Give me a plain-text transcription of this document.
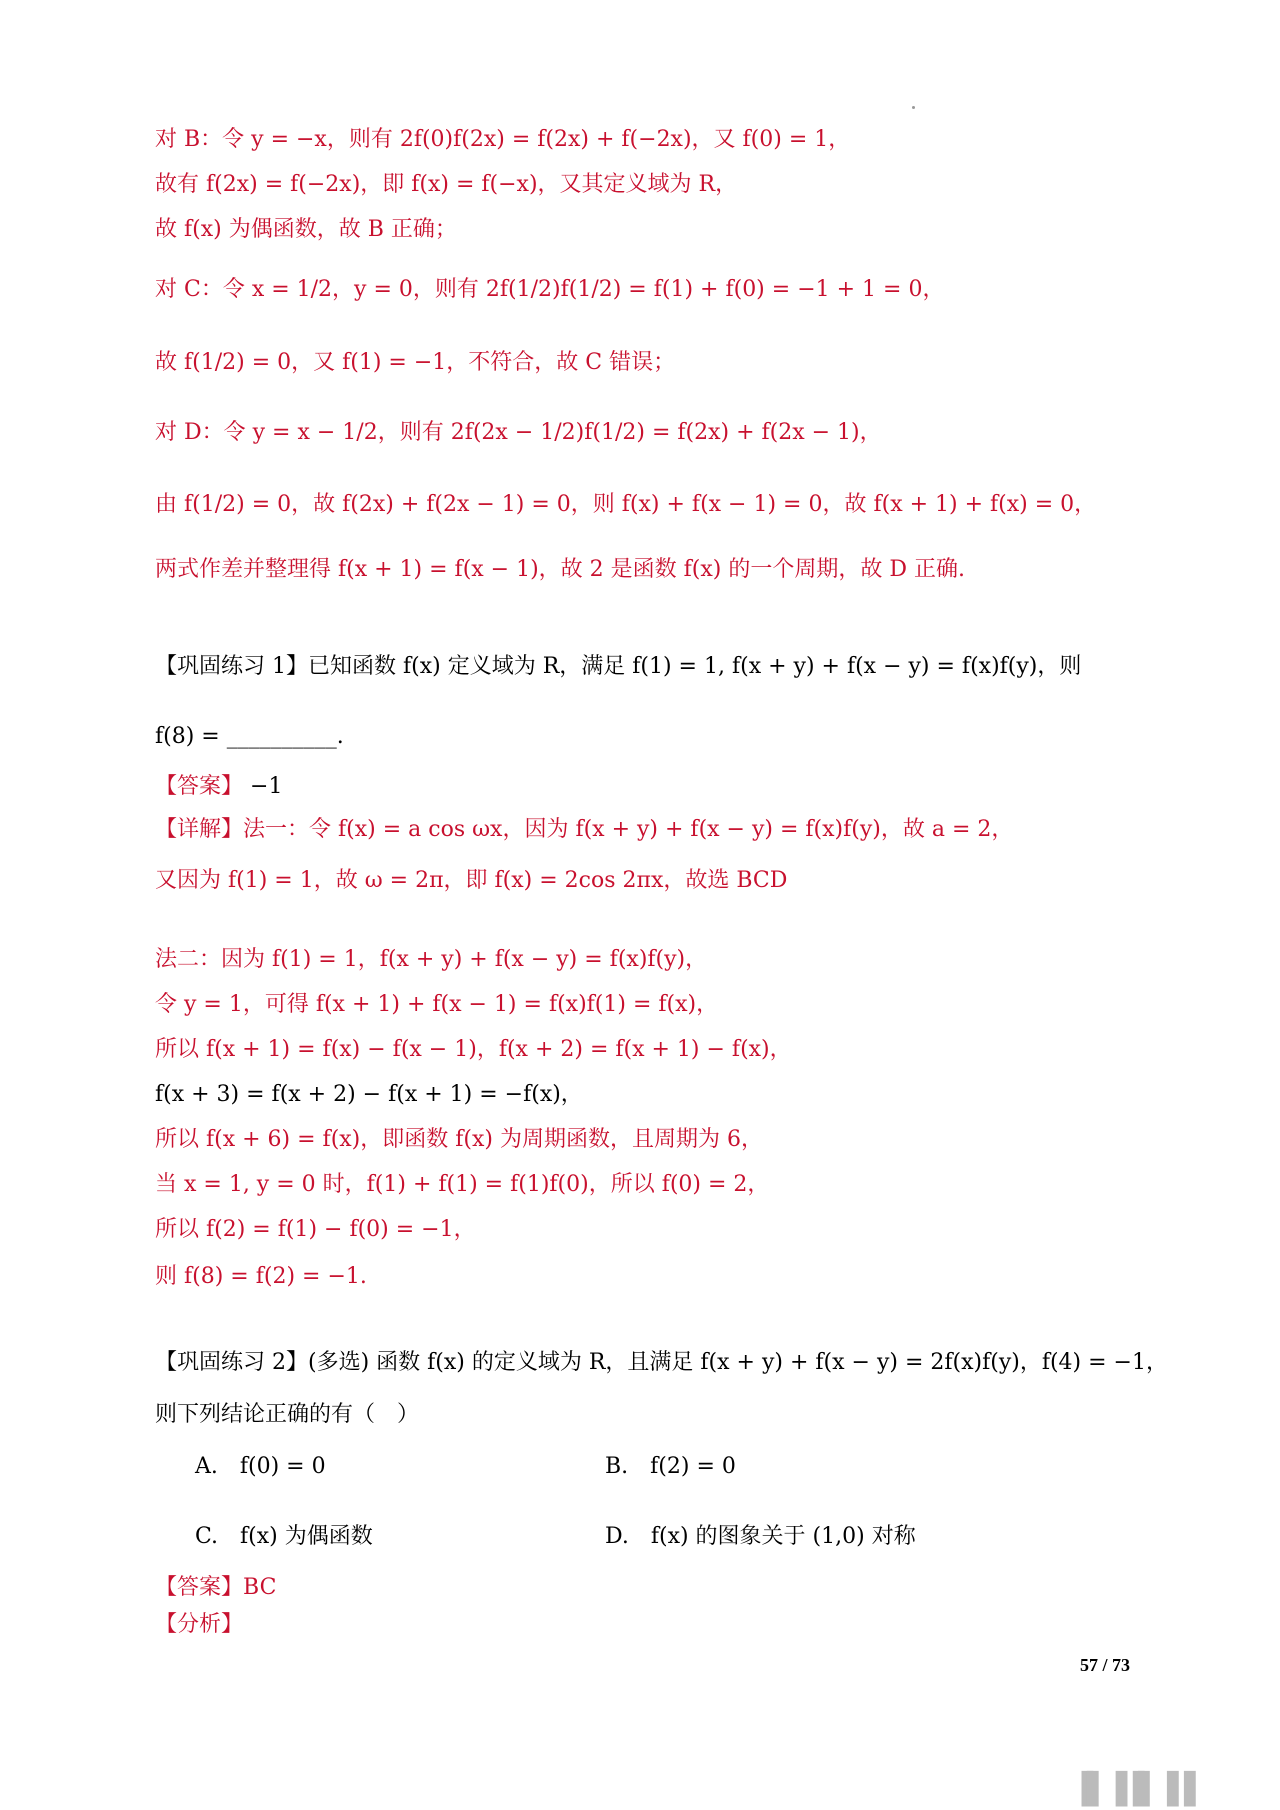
对 B：令 y = −x，则有 2f(0)f(2x) = f(2x) + f(−2x)，又 f(0) = 1，
故有 f(2x) = f(−2x)，即 f(x) = f(−x)，又其定义域为 R，
故 f(x) 为偶函数，故 B 正确；
对 C：令 x = 1/2，y = 0，则有 2f(1/2)f(1/2) = f(1) + f(0) = −1 + 1 = 0，
故 f(1/2) = 0，又 f(1) = −1，不符合，故 C 错误；
对 D：令 y = x − 1/2，则有 2f(2x − 1/2)f(1/2) = f(2x) + f(2x − 1)，
由 f(1/2) = 0，故 f(2x) + f(2x − 1) = 0，则 f(x) + f(x − 1) = 0，故 f(x + 1) + f(x) = 0，
两式作差并整理得 f(x + 1) = f(x − 1)，故 2 是函数 f(x) 的一个周期，故 D 正确.
【巩固练习 1】已知函数 f(x) 定义域为 R，满足 f(1) = 1, f(x + y) + f(x − y) = f(x)f(y)，则
f(8) = __________.
【答案】 −1
【详解】法一：令 f(x) = a cos ωx，因为 f(x + y) + f(x − y) = f(x)f(y)，故 a = 2，
又因为 f(1) = 1，故 ω = 2π，即 f(x) = 2cos 2πx，故选 BCD
法二：因为 f(1) = 1，f(x + y) + f(x − y) = f(x)f(y)，
令 y = 1，可得 f(x + 1) + f(x − 1) = f(x)f(1) = f(x)，
所以 f(x + 1) = f(x) − f(x − 1)，f(x + 2) = f(x + 1) − f(x)，
f(x + 3) = f(x + 2) − f(x + 1) = −f(x)，
所以 f(x + 6) = f(x)，即函数 f(x) 为周期函数，且周期为 6，
当 x = 1, y = 0 时，f(1) + f(1) = f(1)f(0)，所以 f(0) = 2，
所以 f(2) = f(1) − f(0) = −1，
则 f(8) = f(2) = −1.
【巩固练习 2】(多选) 函数 f(x) 的定义域为 R，且满足 f(x + y) + f(x − y) = 2f(x)f(y)，f(4) = −1，
则下列结论正确的有（　）
A.　f(0) = 0	B.　f(2) = 0
C.　f(x) 为偶函数	D.　f(x) 的图象关于 (1,0) 对称
【答案】BC
【分析】
57 / 73
▐▌▐▐▌▐▐
